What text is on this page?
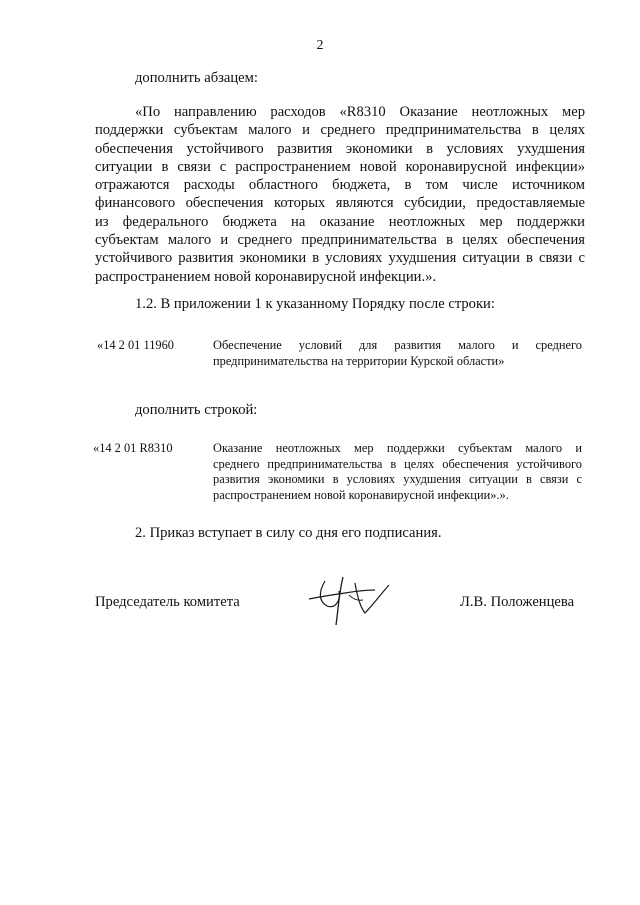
2
дополнить абзацем:
«По направлению расходов «R8310 Оказание неотложных мер
поддержки субъектам малого и среднего предпринимательства в целях
обеспечения устойчивого развития экономики в условиях ухудшения
ситуации в связи с распространением новой коронавирусной инфекции»
отражаются расходы областного бюджета, в том числе источником
финансового обеспечения которых являются субсидии, предоставляемые
из федерального бюджета на оказание неотложных мер поддержки
субъектам малого и среднего предпринимательства в целях обеспечения
устойчивого развития экономики в условиях ухудшения ситуации в связи с
распространением новой коронавирусной инфекции.».
1.2. В приложении 1 к указанному Порядку после строки:
«14 2 01 11960	Обеспечение условий для развития малого и среднего
предпринимательства на территории Курской области»
дополнить строкой:
«14 2 01 R8310	Оказание неотложных мер поддержки субъектам малого и
среднего предпринимательства в целях обеспечения устойчивого
развития экономики в условиях ухудшения ситуации в связи с
распространением новой коронавирусной инфекции».».
2. Приказ вступает в силу со дня его подписания.
Председатель комитета	Л.В. Положенцева
